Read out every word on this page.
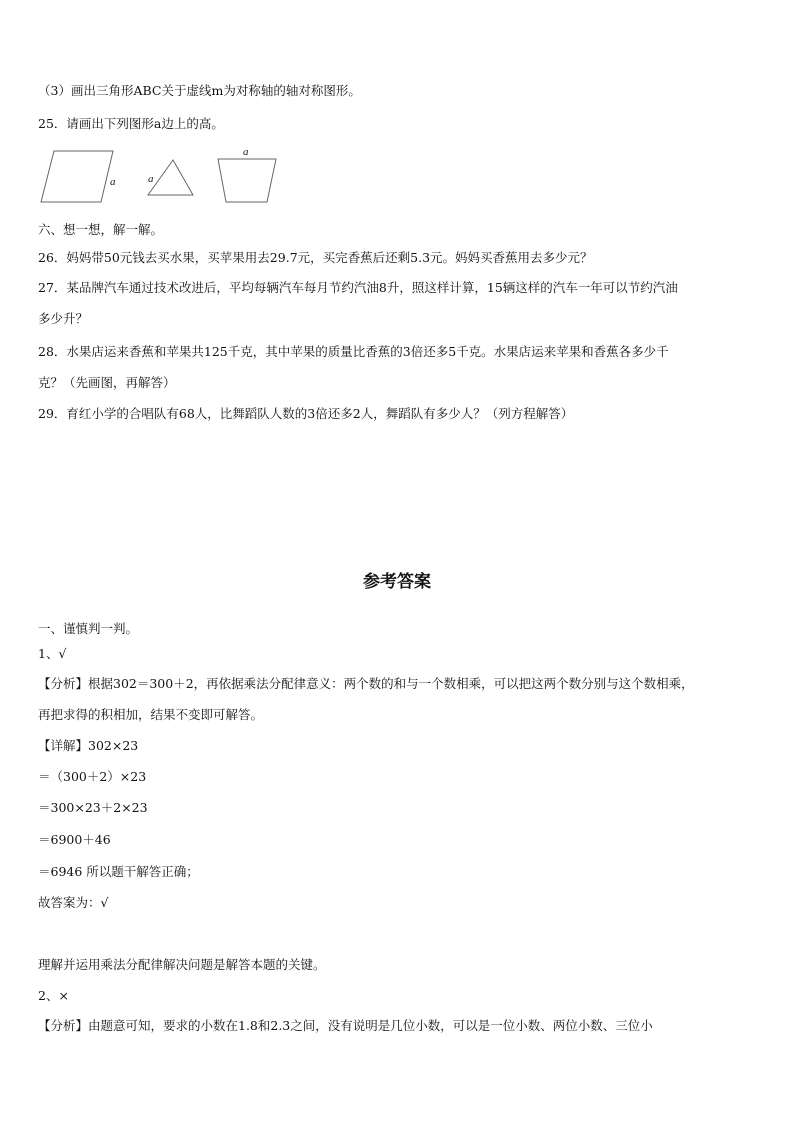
（3）画出三角形ABC关于虚线m为对称轴的轴对称图形。
25．请画出下列图形a边上的高。
a	a
a
六、想一想，解一解。
26．妈妈带50元钱去买水果，买苹果用去29.7元，买完香蕉后还剩5.3元。妈妈买香蕉用去多少元？
27．某品牌汽车通过技术改进后，平均每辆汽车每月节约汽油8升，照这样计算，15辆这样的汽车一年可以节约汽油
多少升？
28．水果店运来香蕉和苹果共125千克，其中苹果的质量比香蕉的3倍还多5千克。水果店运来苹果和香蕉各多少千
克？（先画图，再解答）
29．育红小学的合唱队有68人，比舞蹈队人数的3倍还多2人，舞蹈队有多少人？（列方程解答）
参考答案
一、谨慎判一判。
1、√
【分析】根据302＝300＋2，再依据乘法分配律意义：两个数的和与一个数相乘，可以把这两个数分别与这个数相乘，
再把求得的积相加，结果不变即可解答。
【详解】302×23
＝（300＋2）×23
＝300×23＋2×23
＝6900＋46
＝6946 所以题干解答正确；
故答案为：√
理解并运用乘法分配律解决问题是解答本题的关键。
2、×
【分析】由题意可知，要求的小数在1.8和2.3之间，没有说明是几位小数，可以是一位小数、两位小数、三位小
